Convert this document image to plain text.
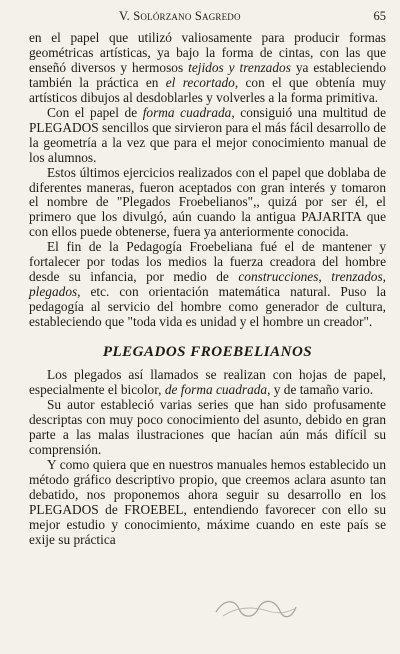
V. Solórzano Sagredo	65

en el papel que utilizó valiosamente para producir formas geométricas artísticas, ya bajo la forma de cintas, con las que enseñó diversos y hermosos tejidos y trenzados ya estableciendo también la práctica en el recortado, con el que obtenía muy artísticos dibujos al desdoblarles y volverles a la forma primitiva.

Con el papel de forma cuadrada, consiguió una multitud de PLEGADOS sencillos que sirvieron para el más fácil desarrollo de la geometría a la vez que para el mejor conocimiento manual de los alumnos.

Estos últimos ejercicios realizados con el papel que doblaba de diferentes maneras, fueron aceptados con gran interés y tomaron el nombre de "Plegados Froebelianos",, quizá por ser él, el primero que los divulgó, aún cuando la antigua PAJARITA que con ellos puede obtenerse, fuera ya anteriormente conocida.

El fin de la Pedagogía Froebeliana fué el de mantener y fortalecer por todas los medios la fuerza creadora del hombre desde su infancia, por medio de construcciones, trenzados, plegados, etc. con orientación matemática natural. Puso la pedagogía al servicio del hombre como generador de cultura, estableciendo que "toda vida es unidad y el hombre un creador".

PLEGADOS FROEBELIANOS

Los plegados así llamados se realizan con hojas de papel, especialmente el bicolor, de forma cuadrada, y de tamaño vario.

Su autor estableció varias series que han sido profusamente descriptas con muy poco conocimiento del asunto, debido en gran parte a las malas ilustraciones que hacían aún más difícil su comprensión.

Y como quiera que en nuestros manuales hemos establecido un método gráfico descriptivo propio, que creemos aclara asunto tan debatido, nos proponemos ahora seguir su desarrollo en los PLEGADOS de FROEBEL, entendiendo favorecer con ello su mejor estudio y conocimiento, máxime cuando en este país se exije su práctica
